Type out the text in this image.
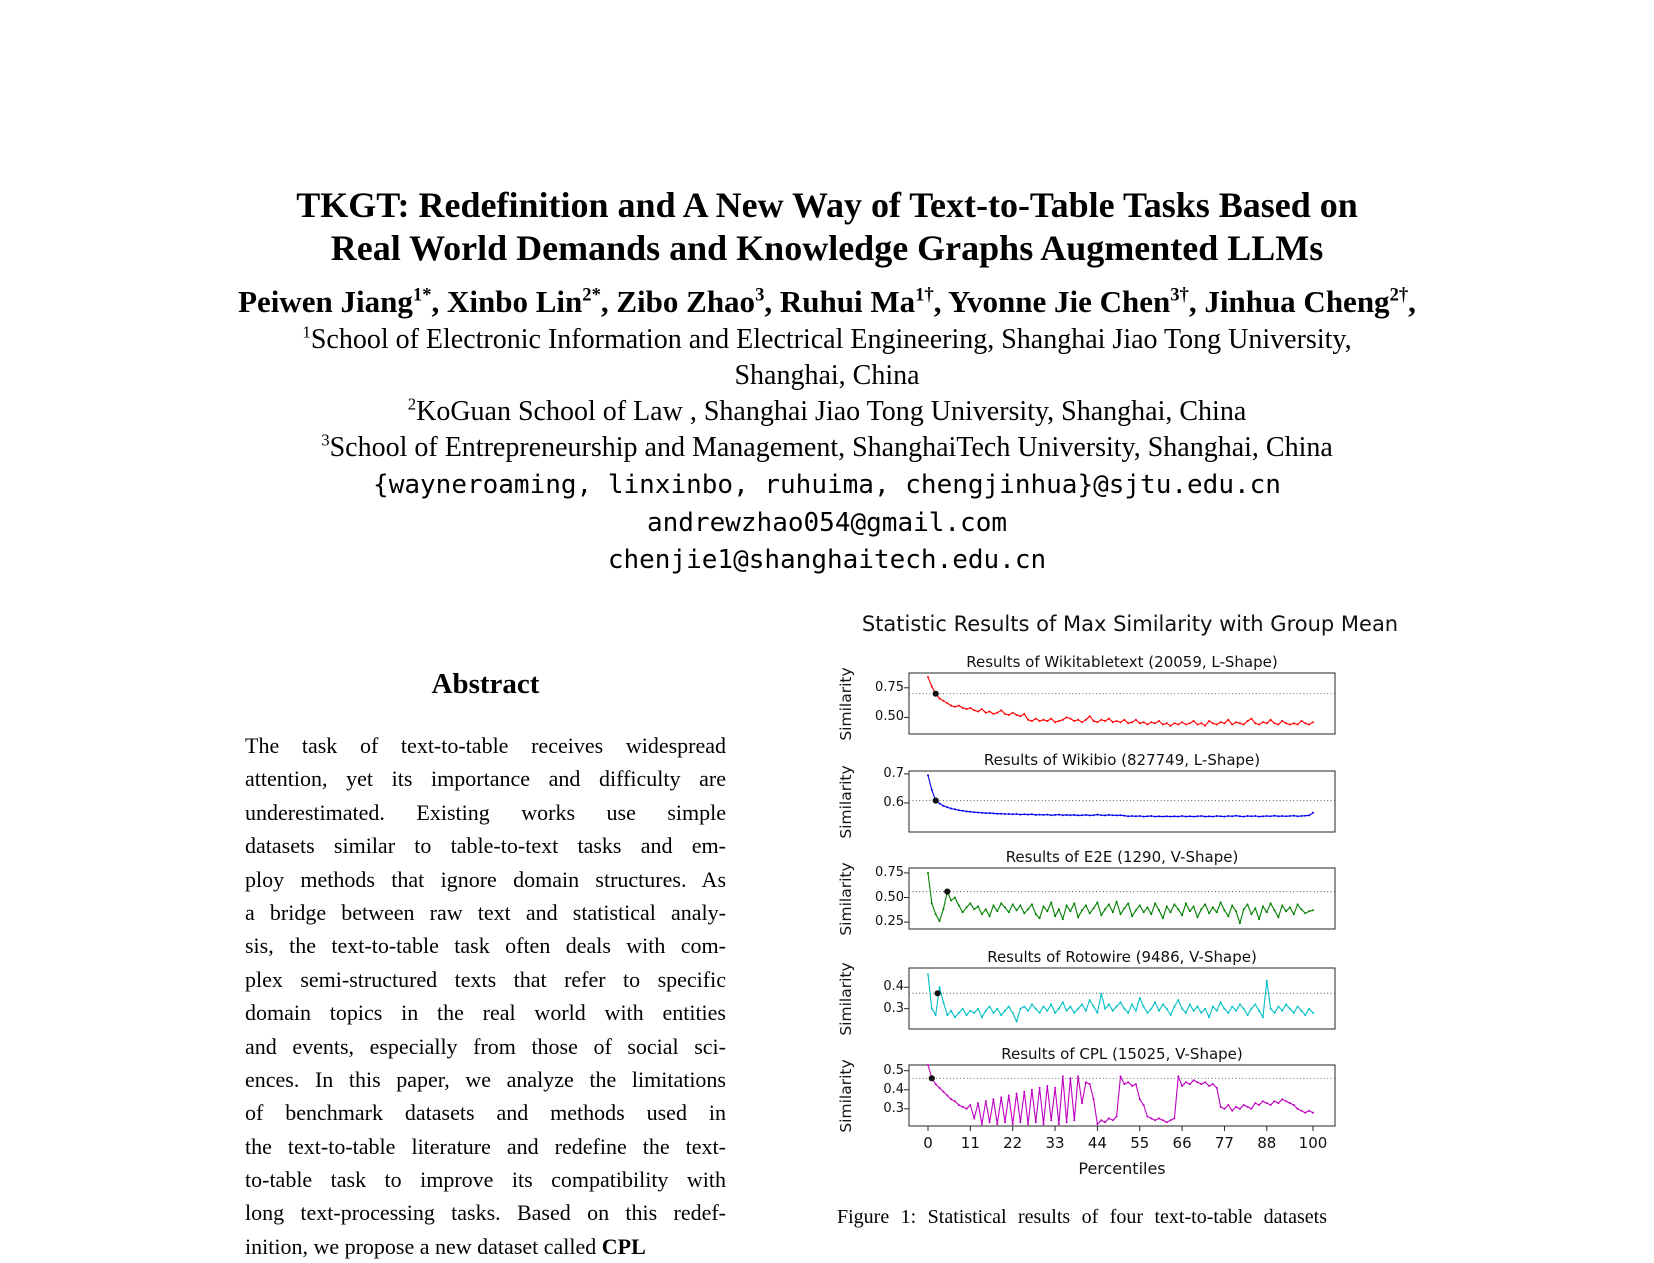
TKGT: Redefinition and A New Way of Text-to-Table Tasks Based on
Real World Demands and Knowledge Graphs Augmented LLMs
Peiwen Jiang$^{1*}$, Xinbo Lin$^{2*}$, Zibo Zhao$^3$, Ruhui $Ma^{1\dagger}$, Yvonne Jie Chen$^{3\dagger}$, Jinhua Cheng$^{2\dagger}$,
$^1$School of Electronic Information and Electrical Engineering, Shanghai Jiao Tong University,
Shanghai, China
$^2$KoGuan School of Law , Shanghai Jiao Tong University, Shanghai, China
$^3$School of Entrepreneurship and Management, ShanghaiTech University, Shanghai, China
{wayneroaming, linxinbo, ruhuima, chengjinhua}@sjtu.edu.cn
andrewzhao054@gmail.com
chenjie1@shanghaitech.edu.cn
Abstract
The task of text-to-table receives widespread
attention, yet its importance and difficulty are
underestimated. Existing works use simple
datasets similar to table-to-text tasks and em-
ploy methods that ignore domain structures. As
a bridge between raw text and statistical analy-
sis, the text-to-table task often deals with com-
plex semi-structured texts that refer to specific
domain topics in the real world with entities
and events, especially from those of social sci-
ences. In this paper, we analyze the limitations
of benchmark datasets and methods used in
the text-to-table literature and redefine the text-
to-table task to improve its compatibility with
long text-processing tasks. Based on this redef-
inition, we propose a new dataset called CPL
Statistic Results of Max Similarity with Group Mean
Results of Wikitabletext (20059, L-Shape)
Similarity	0.75
0.50
Results of Wikibio (827749, L-Shape)
Similarity	0.7
0.6
Results of E2E (1290, V-Shape)
Similarity	0.75
0.50
0.25
Results of Rotowire (9486, V-Shape)
Similarity	0.4
0.3
Results of CPL (15025, V-Shape)
Similarity	0.5
0.4
0.3
0	11	22	33	44	55	66	77	88	100
Percentiles
Figure 1: Statistical results of four text-to-table datasets
